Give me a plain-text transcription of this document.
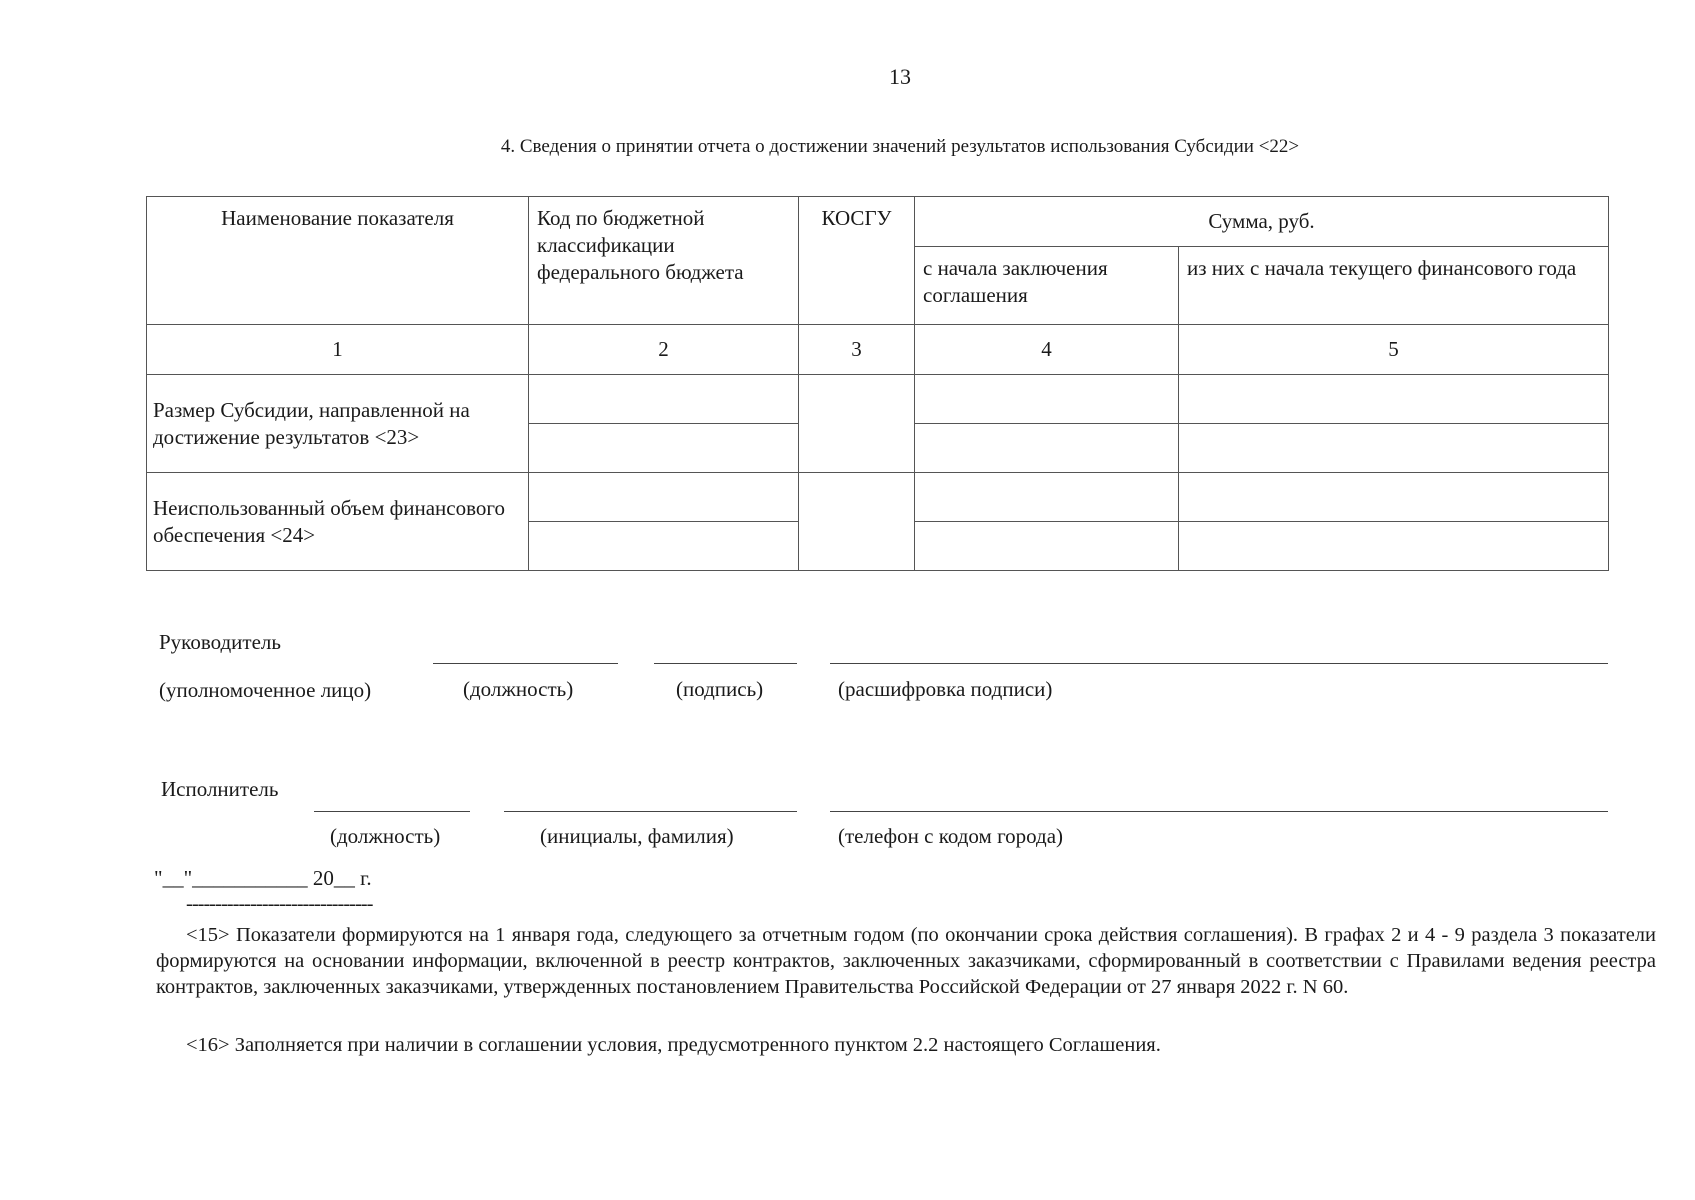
13
4. Сведения о принятии отчета о достижении значений результатов использования Субсидии <22>
Наименование показателя	Код по бюджетной классификации федерального бюджета	КОСГУ	Сумма, руб.	
			с начала заключения соглашения	из них с начала текущего финансового года
1	2	3	4	5
Размер Субсидии, направленной на достижение результатов <23>				

Неиспользованный объем финансового обеспечения <24>				

Руководитель
(уполномоченное лицо)	(должность)	(подпись)	(расшифровка подписи)
Исполнитель
(должность)	(инициалы, фамилия)	(телефон с кодом города)
"__"___________ 20__ г.
--------------------------------
<15> Показатели формируются на 1 января года, следующего за отчетным годом (по окончании срока действия соглашения). В графах 2 и 4 - 9 раздела 3 показатели формируются на основании информации, включенной в реестр контрактов, заключенных заказчиками, сформированный в соответствии с Правилами ведения реестра контрактов, заключенных заказчиками, утвержденных постановлением Правительства Российской Федерации от 27 января 2022 г. N 60.
<16> Заполняется при наличии в соглашении условия, предусмотренного пунктом 2.2 настоящего Соглашения.
